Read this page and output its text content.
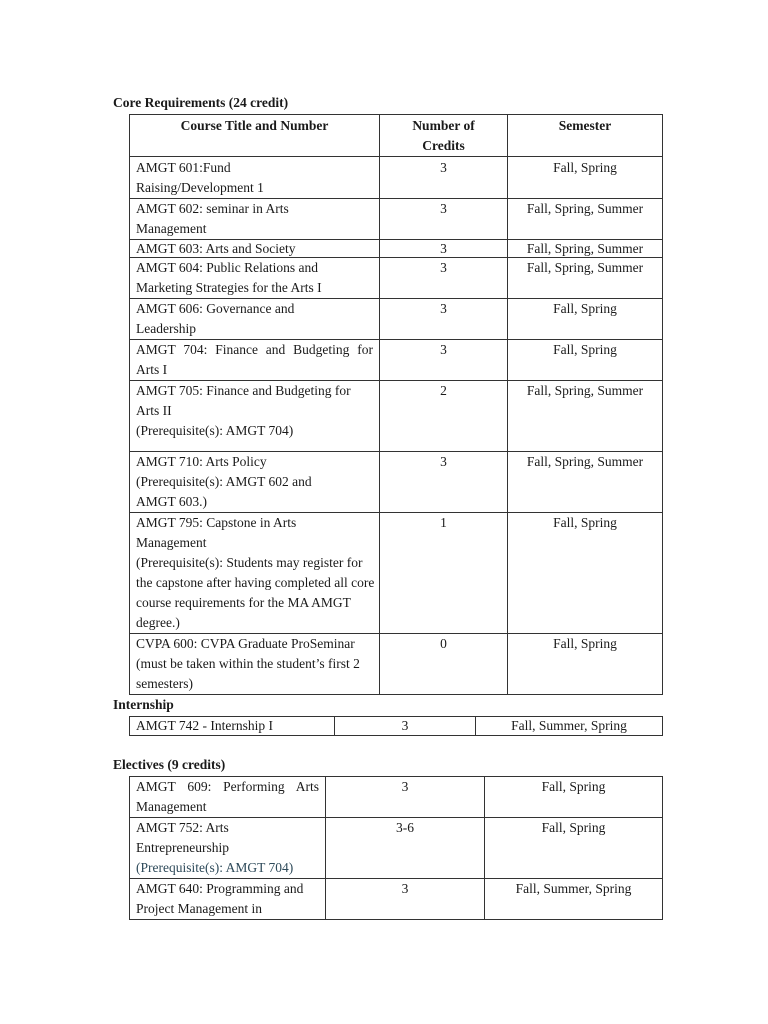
Core Requirements (24 credit)
Course Title and Number	Number of Credits	Semester
AMGT 601:Fund Raising/Development 1	3	Fall, Spring
AMGT 602: seminar in Arts Management	3	Fall, Spring, Summer
AMGT 603: Arts and Society	3	Fall, Spring, Summer
AMGT 604: Public Relations and Marketing Strategies for the Arts I	3	Fall, Spring, Summer
AMGT 606: Governance and Leadership	3	Fall, Spring
AMGT 704: Finance and Budgeting for Arts I	3	Fall, Spring

AMGT 705: Finance and Budgeting for Arts II
(Prerequisite(s): AMGT 704)	2	Fall, Spring, Summer

AMGT 710: Arts Policy
(Prerequisite(s): AMGT 602 and AMGT 603.)	3	Fall, Spring, Summer

AMGT 795: Capstone in Arts Management
(Prerequisite(s): Students may register for the capstone after having completed all core course requirements for the MA AMGT degree.)	1	Fall, Spring
CVPA 600: CVPA Graduate ProSeminar (must be taken within the student’s first 2 semesters)	0	Fall, Spring
Internship
AMGT 742 - Internship I	3	Fall, Summer, Spring
Electives (9 credits)
AMGT 609: Performing Arts Management	3	Fall, Spring

AMGT 752: Arts Entrepreneurship
(Prerequisite(s): AMGT 704)	3-6	Fall, Spring
AMGT 640: Programming and Project Management in	3	Fall, Summer, Spring
